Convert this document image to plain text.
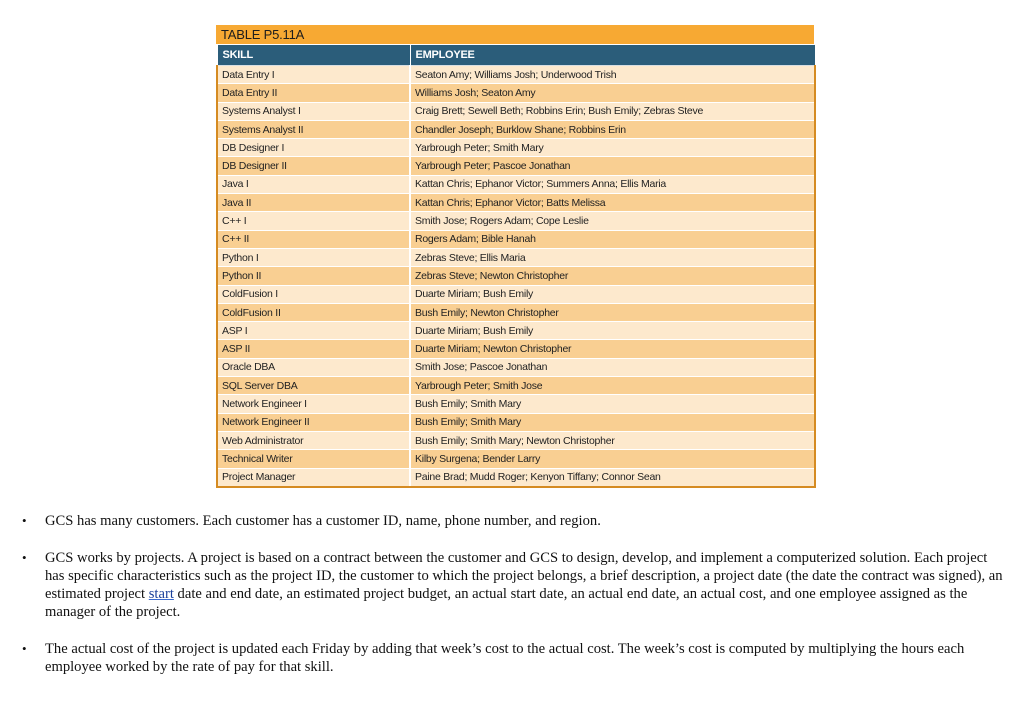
TABLE P5.11A
SKILL	EMPLOYEE
Data Entry I	Seaton Amy; Williams Josh; Underwood Trish
Data Entry II	Williams Josh; Seaton Amy
Systems Analyst I	Craig Brett; Sewell Beth; Robbins Erin; Bush Emily; Zebras Steve
Systems Analyst II	Chandler Joseph; Burklow Shane; Robbins Erin
DB Designer I	Yarbrough Peter; Smith Mary
DB Designer II	Yarbrough Peter; Pascoe Jonathan
Java I	Kattan Chris; Ephanor Victor; Summers Anna; Ellis Maria
Java II	Kattan Chris; Ephanor Victor; Batts Melissa
C++ I	Smith Jose; Rogers Adam; Cope Leslie
C++ II	Rogers Adam; Bible Hanah
Python I	Zebras Steve; Ellis Maria
Python II	Zebras Steve; Newton Christopher
ColdFusion I	Duarte Miriam; Bush Emily
ColdFusion II	Bush Emily; Newton Christopher
ASP I	Duarte Miriam; Bush Emily
ASP II	Duarte Miriam; Newton Christopher
Oracle DBA	Smith Jose; Pascoe Jonathan
SQL Server DBA	Yarbrough Peter; Smith Jose
Network Engineer I	Bush Emily; Smith Mary
Network Engineer II	Bush Emily; Smith Mary
Web Administrator	Bush Emily; Smith Mary; Newton Christopher
Technical Writer	Kilby Surgena; Bender Larry
Project Manager	Paine Brad; Mudd Roger; Kenyon Tiffany; Connor Sean
• GCS has many customers. Each customer has a customer ID, name, phone number, and region.

• GCS works by projects. A project is based on a contract between the customer and GCS to design, develop, and implement a computerized solution. Each project has specific characteristics such as the project ID, the customer to which the project belongs, a brief description, a project date (the date the contract was signed), an estimated project start date and end date, an estimated project budget, an actual start date, an actual end date, an actual cost, and one employee assigned as the manager of the project.

• The actual cost of the project is updated each Friday by adding that week’s cost to the actual cost. The week’s cost is computed by multiplying the hours each employee worked by the rate of pay for that skill.
